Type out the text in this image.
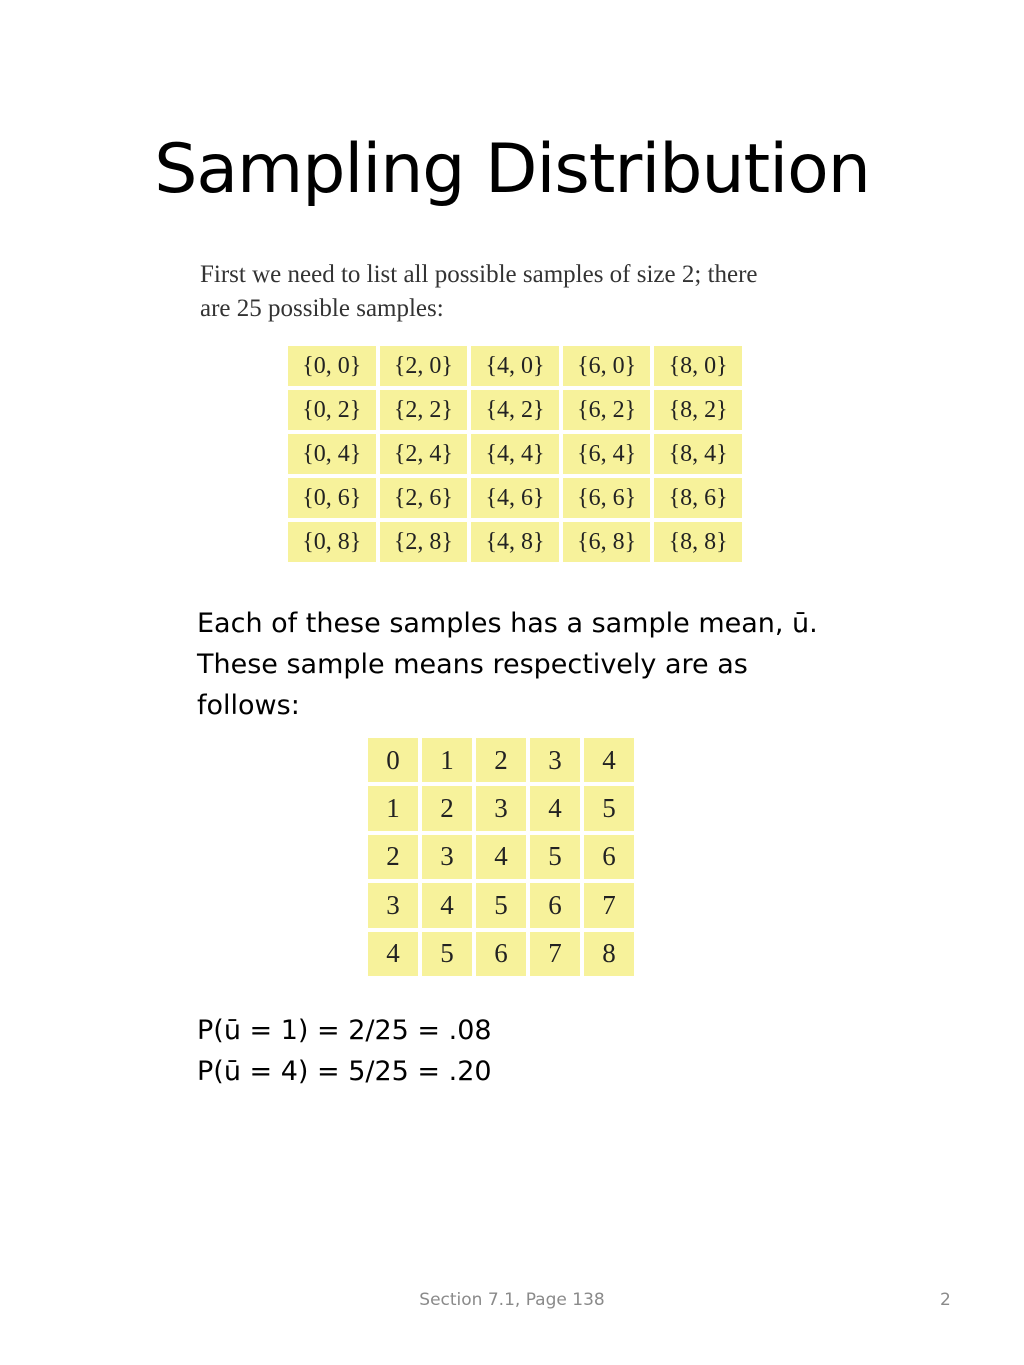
Sampling Distribution
First we need to list all possible samples of size 2; there
are 25 possible samples:
{0, 0}	{2, 0}	{4, 0}	{6, 0}	{8, 0}
{0, 2}	{2, 2}	{4, 2}	{6, 2}	{8, 2}
{0, 4}	{2, 4}	{4, 4}	{6, 4}	{8, 4}
{0, 6}	{2, 6}	{4, 6}	{6, 6}	{8, 6}
{0, 8}	{2, 8}	{4, 8}	{6, 8}	{8, 8}

Each of these samples has a sample mean, ū.

These sample means respectively are as

follows:

0	1	2	3	4
1	2	3	4	5
2	3	4	5	6
3	4	5	6	7
4	5	6	7	8

P(ū = 1) = 2/25 = .08

P(ū = 4) = 5/25 = .20

Section 7.1, Page 138	2
